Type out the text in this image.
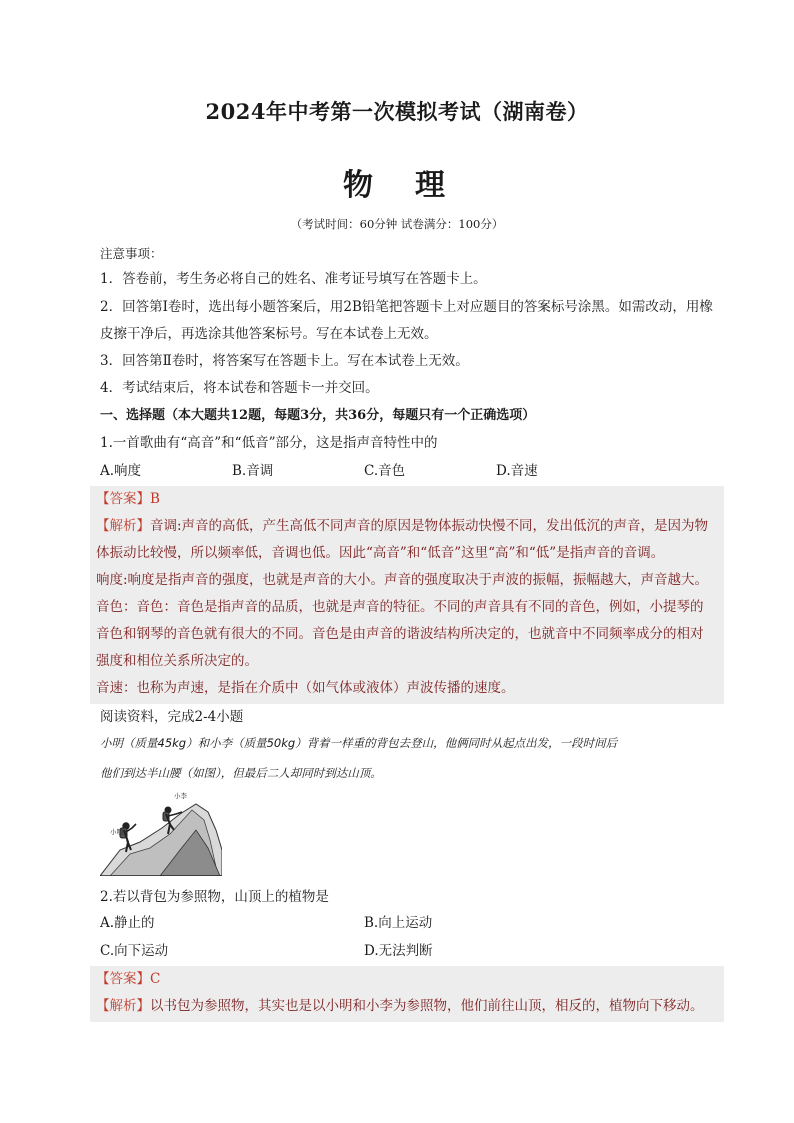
2024年中考第一次模拟考试（湖南卷）
物 理
（考试时间：60分钟 试卷满分：100分）
注意事项：
1．答卷前，考生务必将自己的姓名、准考证号填写在答题卡上。
2．回答第Ⅰ卷时，选出每小题答案后，用2B铅笔把答题卡上对应题目的答案标号涂黑。如需改动，用橡
皮擦干净后，再选涂其他答案标号。写在本试卷上无效。
3．回答第Ⅱ卷时，将答案写在答题卡上。写在本试卷上无效。
4．考试结束后，将本试卷和答题卡一并交回。
一、选择题（本大题共12题，每题3分，共36分，每题只有一个正确选项）
1.一首歌曲有“高音”和“低音”部分，这是指声音特性中的
A.响度	B.音调	C.音色	D.音速
【答案】B
【解析】音调:声音的高低，产生高低不同声音的原因是物体振动快慢不同，发出低沉的声音，是因为物
体振动比较慢，所以频率低，音调也低。因此“高音”和“低音”这里“高”和“低”是指声音的音调。
响度:响度是指声音的强度，也就是声音的大小。声音的强度取决于声波的振幅，振幅越大，声音越大。
音色：音色：音色是指声音的品质，也就是声音的特征。不同的声音具有不同的音色，例如，小提琴的
音色和钢琴的音色就有很大的不同。音色是由声音的谐波结构所决定的，也就音中不同频率成分的相对
强度和相位关系所决定的。
音速：也称为声速，是指在介质中（如气体或液体）声波传播的速度。
阅读资料，完成2-4小题
小明（质量45kg）和小李（质量50kg）背着一样重的背包去登山，他俩同时从起点出发，一段时间后
他们到达半山腰（如图），但最后二人却同时到达山顶。
小明
小李
2.若以背包为参照物，山顶上的植物是
A.静止的	B.向上运动
C.向下运动	D.无法判断
【答案】C
【解析】以书包为参照物，其实也是以小明和小李为参照物，他们前往山顶，相反的，植物向下移动。
